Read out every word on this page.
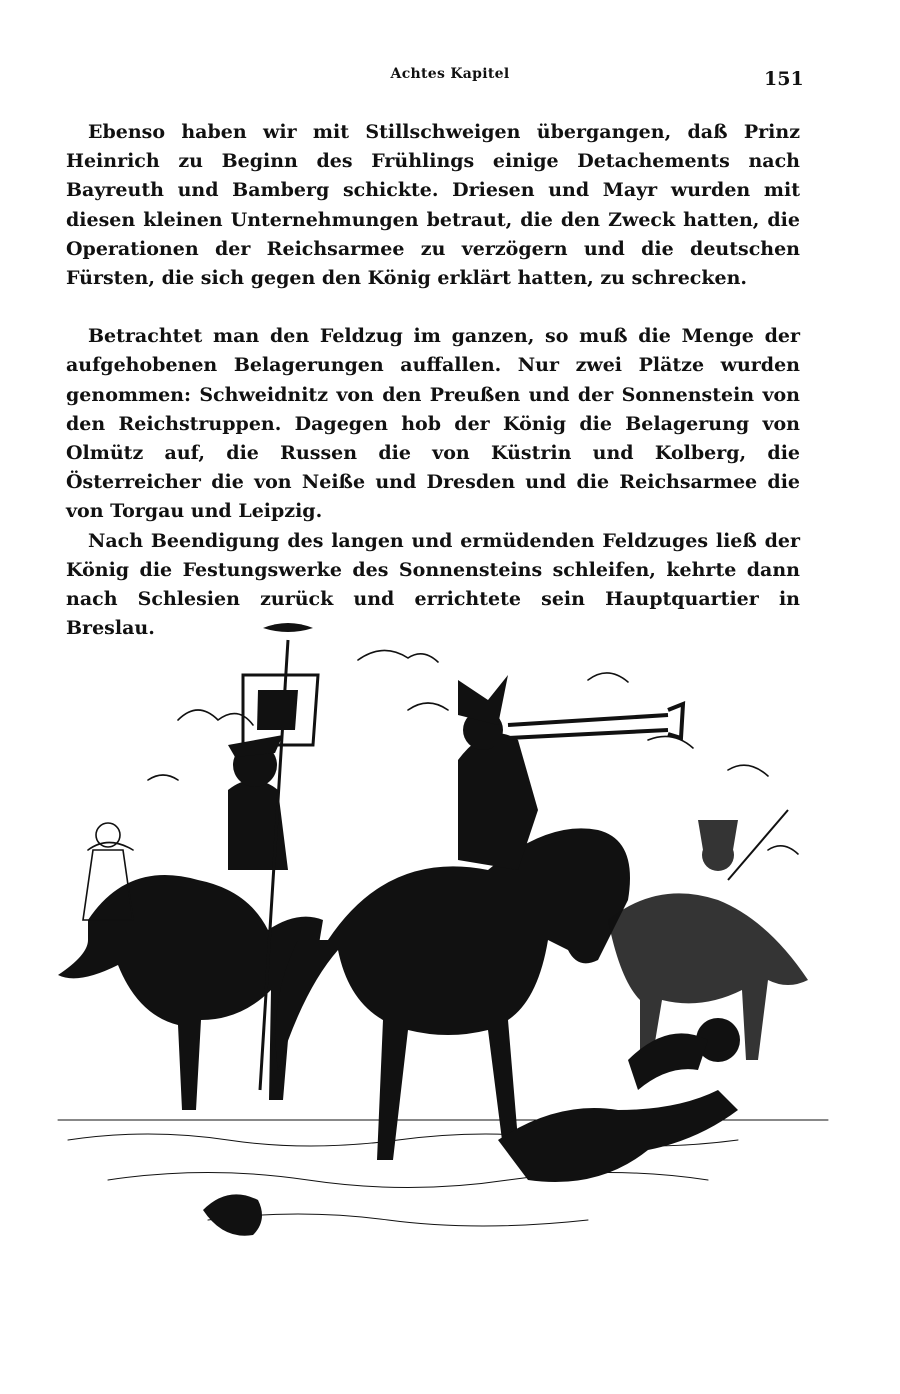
Achtes Kapitel	151

Ebenso haben wir mit Stillschweigen übergangen, daß Prinz Heinrich zu Beginn des Frühlings einige Detachements nach Bayreuth und Bamberg schickte. Driesen und Mayr wurden mit diesen kleinen Unternehmungen betraut, die den Zweck hatten, die Operationen der Reichsarmee zu verzögern und die deutschen Fürsten, die sich gegen den König erklärt hatten, zu schrecken.

Betrachtet man den Feldzug im ganzen, so muß die Menge der aufgehobenen Belagerungen auffallen. Nur zwei Plätze wurden genommen: Schweidnitz von den Preußen und der Sonnenstein von den Reichstruppen. Dagegen hob der König die Belagerung von Olmütz auf, die Russen die von Küstrin und Kolberg, die Österreicher die von Neiße und Dresden und die Reichsarmee die von Torgau und Leipzig.

Nach Beendigung des langen und ermüdenden Feldzuges ließ der König die Festungswerke des Sonnensteins schleifen, kehrte dann nach Schlesien zurück und errichtete sein Hauptquartier in Breslau.
